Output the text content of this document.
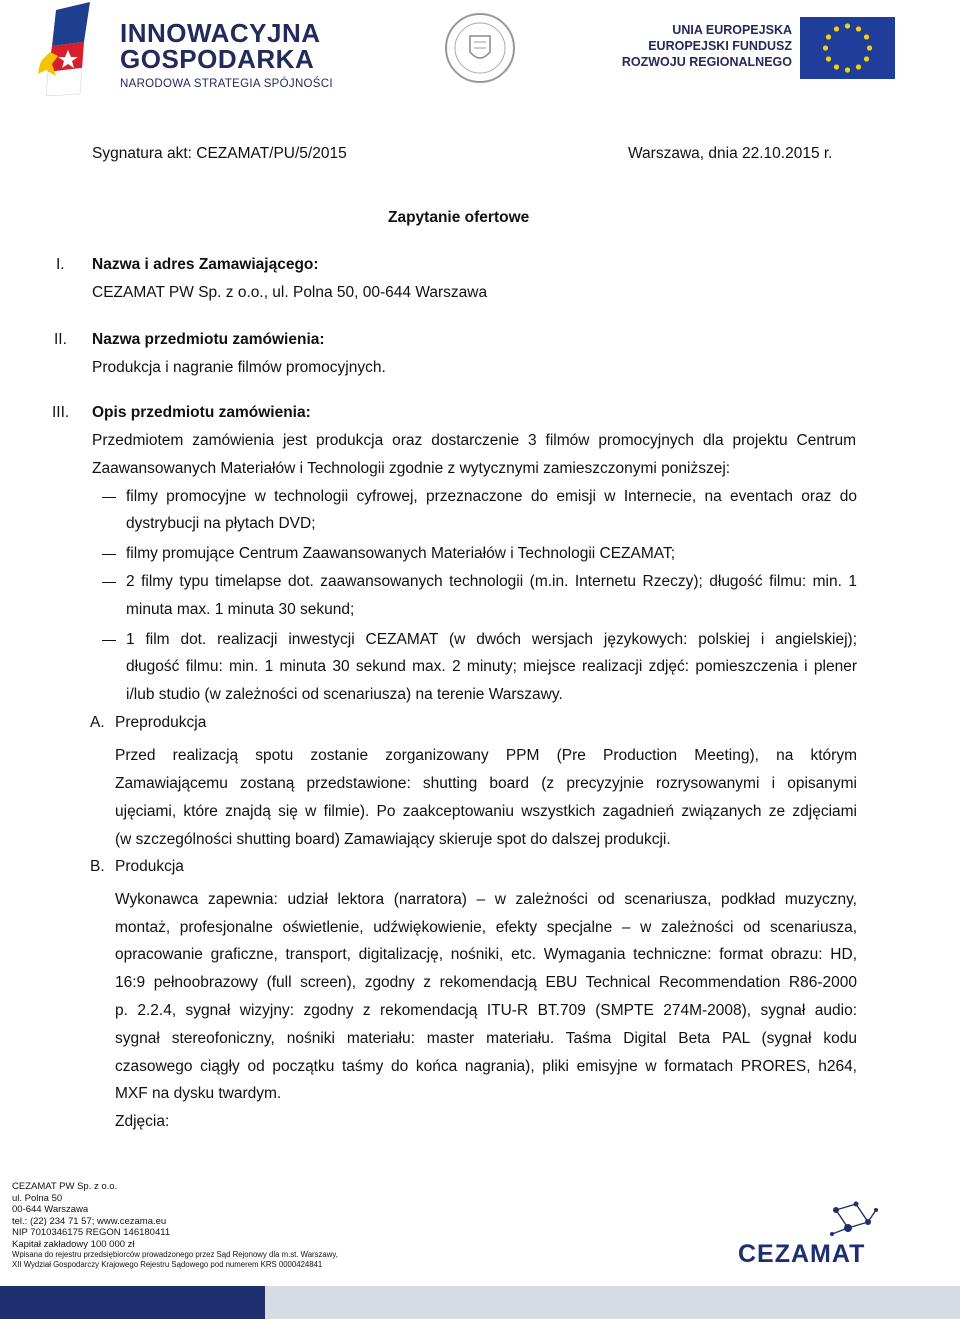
INNOWACYJNA
GOSPODARKA
NARODOWA STRATEGIA SPÓJNOŚCI
UNIA EUROPEJSKA
EUROPEJSKI FUNDUSZ
ROZWOJU REGIONALNEGO
Sygnatura akt: CEZAMAT/PU/5/2015	Warszawa, dnia 22.10.2015 r.
Zapytanie ofertowe
I. Nazwa i adres Zamawiającego:
CEZAMAT PW Sp. z o.o., ul. Polna 50, 00-644 Warszawa
II. Nazwa przedmiotu zamówienia:
Produkcja i nagranie filmów promocyjnych.
III. Opis przedmiotu zamówienia:
Przedmiotem zamówienia jest produkcja oraz dostarczenie 3 filmów promocyjnych dla projektu Centrum
Zaawansowanych Materiałów i Technologii zgodnie z wytycznymi zamieszczonymi poniższej:
filmy promocyjne w technologii cyfrowej, przeznaczone do emisji w Internecie, na eventach oraz do
dystrybucji na płytach DVD;
filmy promujące Centrum Zaawansowanych Materiałów i Technologii CEZAMAT;
2 filmy typu timelapse dot. zaawansowanych technologii (m.in. Internetu Rzeczy); długość filmu: min. 1
minuta max. 1 minuta 30 sekund;
1 film dot. realizacji inwestycji CEZAMAT (w dwóch wersjach językowych: polskiej i angielskiej);
długość filmu: min. 1 minuta 30 sekund max. 2 minuty; miejsce realizacji zdjęć: pomieszczenia i plener
i/lub studio (w zależności od scenariusza) na terenie Warszawy.
A. Preprodukcja
Przed realizacją spotu zostanie zorganizowany PPM (Pre Production Meeting), na którym
Zamawiającemu zostaną przedstawione: shutting board (z precyzyjnie rozrysowanymi i opisanymi
ujęciami, które znajdą się w filmie). Po zaakceptowaniu wszystkich zagadnień związanych ze zdjęciami
(w szczególności shutting board) Zamawiający skieruje spot do dalszej produkcji.
B. Produkcja
Wykonawca zapewnia: udział lektora (narratora) – w zależności od scenariusza, podkład muzyczny,
montaż, profesjonalne oświetlenie, udźwiękowienie, efekty specjalne – w zależności od scenariusza,
opracowanie graficzne, transport, digitalizację, nośniki, etc. Wymagania techniczne: format obrazu: HD,
16:9 pełnoobrazowy (full screen), zgodny z rekomendacją EBU Technical Recommendation R86-2000
p. 2.2.4, sygnał wizyjny: zgodny z rekomendacją ITU-R BT.709 (SMPTE 274M-2008), sygnał audio:
sygnał stereofoniczny, nośniki materiału: master materiału. Taśma Digital Beta PAL (sygnał kodu
czasowego ciągły od początku taśmy do końca nagrania), pliki emisyjne w formatach PRORES, h264,
MXF na dysku twardym.
Zdjęcia:
CEZAMAT PW Sp. z o.o.
ul. Polna 50
00-644 Warszawa
tel.: (22) 234 71 57; www.cezama.eu
NIP 7010346175 REGON 146180411
Kapitał zakładowy 100 000 zł
Wpisana do rejestru przedsiębiorców prowadzonego przez Sąd Rejonowy dla m.st. Warszawy,
XII Wydział Gospodarczy Krajowego Rejestru Sądowego pod numerem KRS 0000424841	CEZAMAT
